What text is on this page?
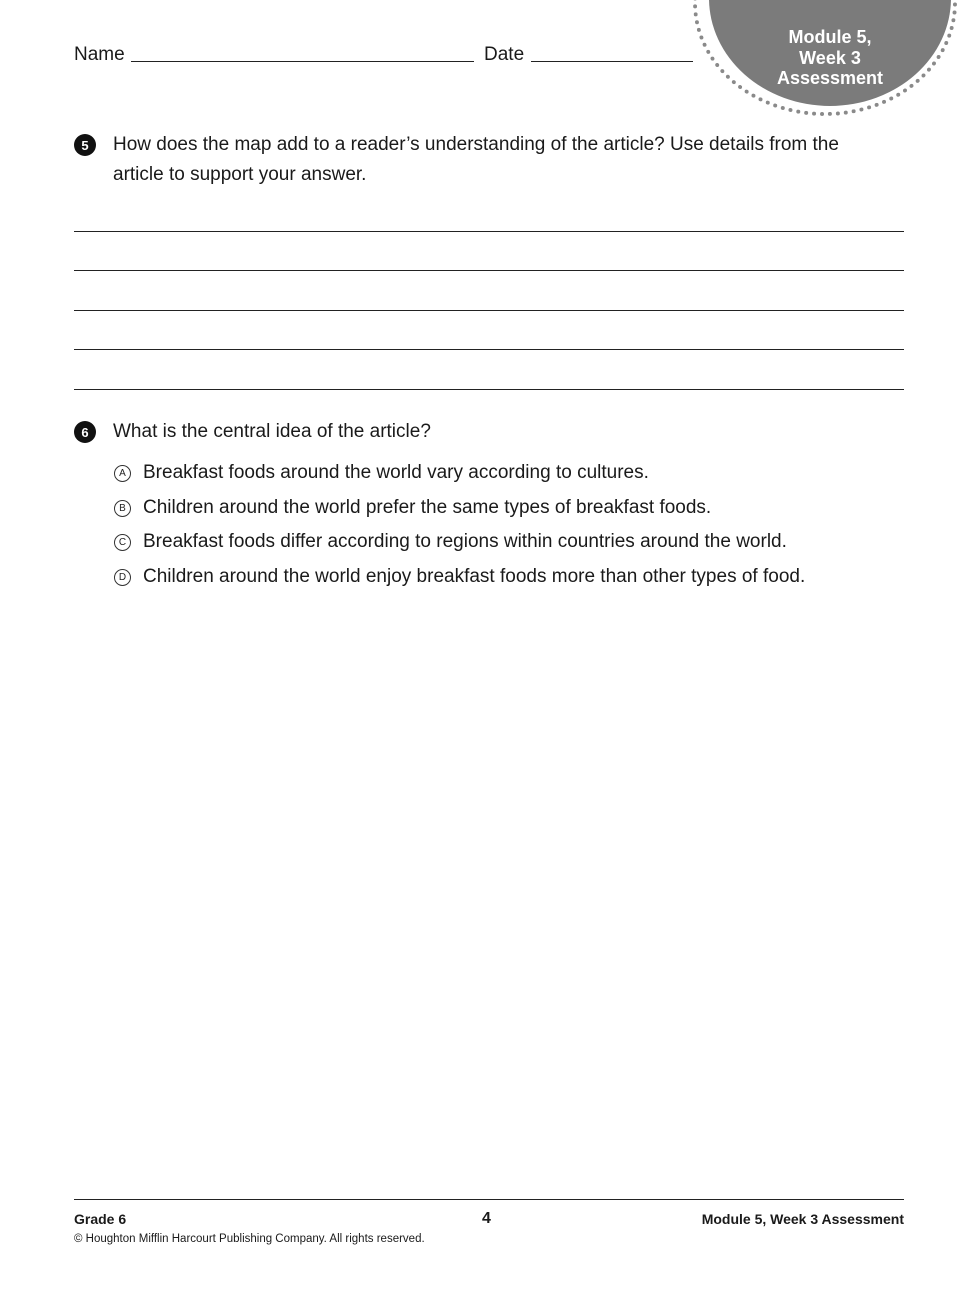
Name	Date
Module 5,
Week 3
Assessment
5	How does the map add to a reader’s understanding of the article? Use details from the
article to support your answer.
6	What is the central idea of the article?
A Breakfast foods around the world vary according to cultures.
B Children around the world prefer the same types of breakfast foods.
C Breakfast foods differ according to regions within countries around the world.
D Children around the world enjoy breakfast foods more than other types of food.
Grade 6	4	Module 5, Week 3 Assessment
© Houghton Mifflin Harcourt Publishing Company. All rights reserved.
